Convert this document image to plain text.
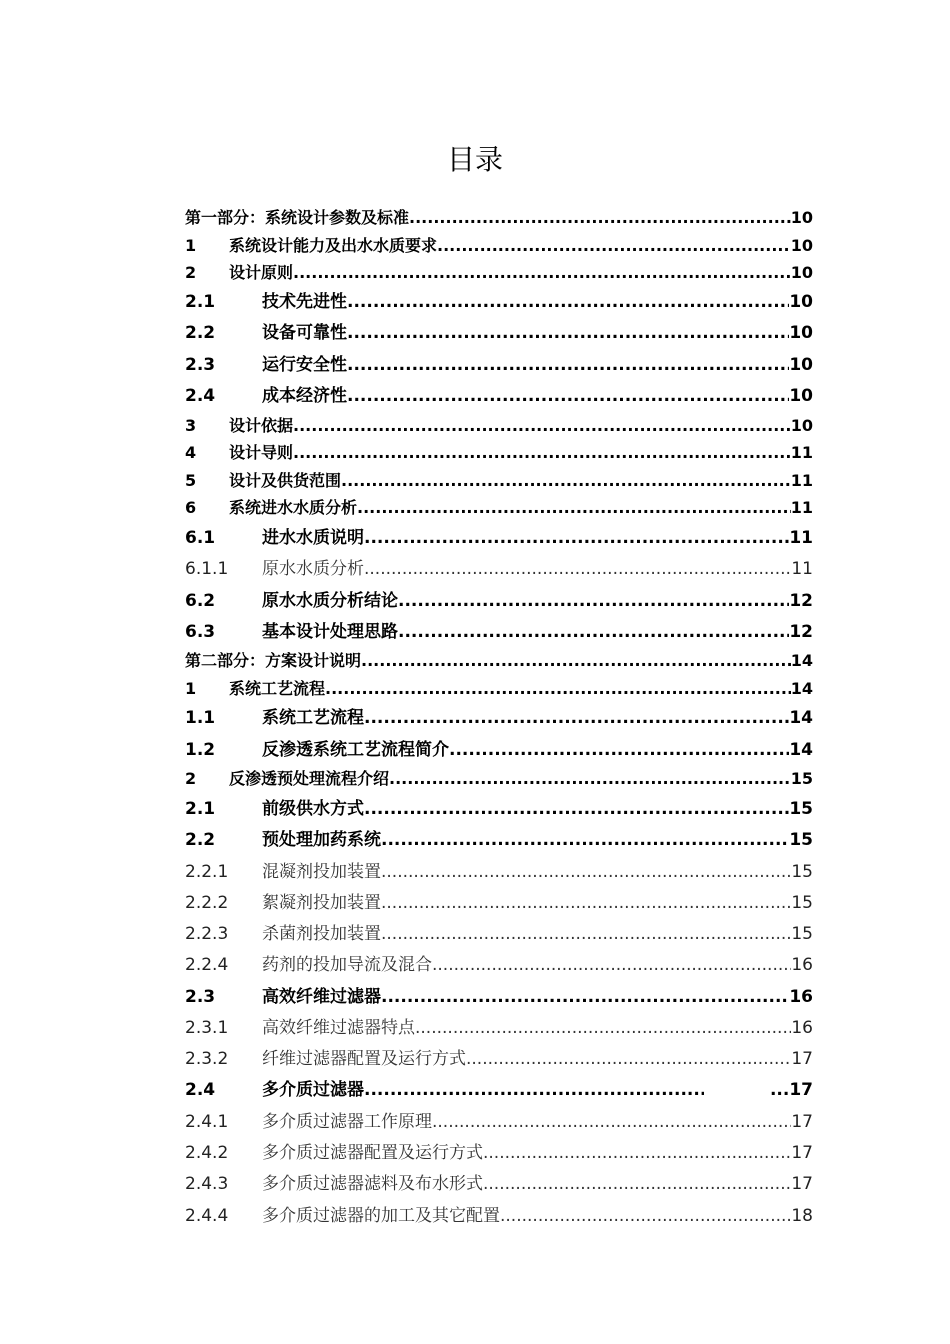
目录
第一部分：系统设计参数及标准 .....	10
1	系统设计能力及出水水质要求 .....	10
2	设计原则 .....	10
2.1	技术先进性 .....	10
2.2	设备可靠性 .....	10
2.3	运行安全性 .....	10
2.4	成本经济性 .....	10
3	设计依据 .....	10
4	设计导则 .....	11
5	设计及供货范围 .....	11
6	系统进水水质分析 .....	11
6.1	进水水质说明 .....	11
6.1.1	原水水质分析 .....	11
6.2	原水水质分析结论 .....	12
6.3	基本设计处理思路 .....	12
第二部分：方案设计说明 .....	14
1	系统工艺流程 .....	14
1.1	系统工艺流程 .....	14
1.2	反渗透系统工艺流程简介 .....	14
2	反渗透预处理流程介绍 .....	15
2.1	前级供水方式 .....	15
2.2	预处理加药系统 .....	15
2.2.1	混凝剂投加装置 .....	15
2.2.2	絮凝剂投加装置 .....	15
2.2.3	杀菌剂投加装置 .....	15
2.2.4	药剂的投加导流及混合 .....	16
2.3	高效纤维过滤器 .....	16
2.3.1	高效纤维过滤器特点 .....	16
2.3.2	纤维过滤器配置及运行方式 .....	17
2.4	多介质过滤器 .....	...17
2.4.1	多介质过滤器工作原理 .....	17
2.4.2	多介质过滤器配置及运行方式 .....	17
2.4.3	多介质过滤器滤料及布水形式 .....	17
2.4.4	多介质过滤器的加工及其它配置 .....	18
